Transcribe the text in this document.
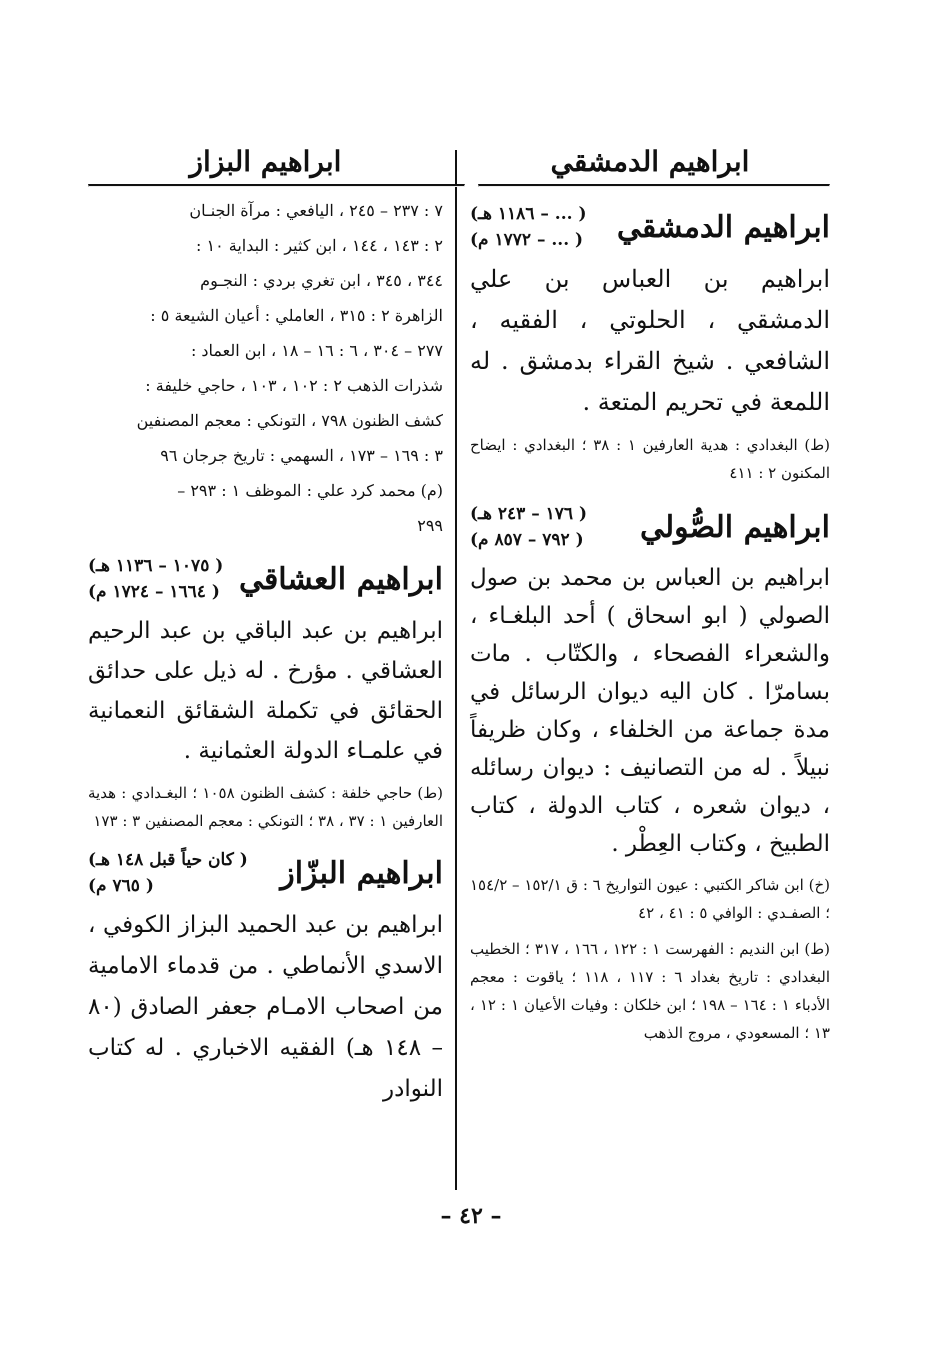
ابراهيم الدمشقي
ابراهيم الدمشقي
( ... – ١١٨٦ هـ)
( ... – ١٧٧٢ م)
ابراهيم بن العباس بن علي الدمشقي ، الحلوتي ، الفقيه ، الشافعي . شيخ القراء بدمشق . له اللمعة في تحريم المتعة .

(ط) البغدادي : هدية العارفين ١ : ٣٨ ؛ البغدادي : ايضاح المكنون ٢ : ٤١١

ابراهيم الصُّولي
( ١٧٦ – ٢٤٣ هـ)
( ٧٩٢ – ٨٥٧ م)
ابراهيم بن العباس بن محمد بن صول الصولي ( ابو اسحاق ) أحد البلغـاء ، والشعراء الفصحاء ، والكتّاب . مات بسامرّا . كان اليه ديوان الرسائل في مدة جماعة من الخلفاء ، وكان ظريفاً نبيلاً . له من التصانيف : ديوان رسائله ، ديوان شعره ، كتاب الدولة ، كتاب الطبيخ ، وكتاب العِطْر .

(خ) ابن شاكر الكتبي : عيون التواريخ ٦ : ق ١٥٢/١ – ١٥٤/٢ ؛ الصفـدي : الوافي ٥ : ٤١ ، ٤٢

(ط) ابن النديم : الفهرست ١ : ١٢٢ ، ١٦٦ ، ٣١٧ ؛ الخطيب البغدادي : تاريخ بغداد ٦ : ١١٧ ، ١١٨ ؛ ياقوت : معجم الأدباء ١ : ١٦٤ – ١٩٨ ؛ ابن خلكان : وفيات الأعيان ١ : ١٢ ، ١٣ ؛ المسعودي ، مروج الذهب

ابراهيم البزاز

٧ : ٢٣٧ – ٢٤٥ ، اليافعي : مرآة الجنـان

٢ : ١٤٣ ، ١٤٤ ، ابن كثير : البداية ١٠ :

٣٤٤ ، ٣٤٥ ، ابن تغري بردي : النجـوم

الزاهرة ٢ : ٣١٥ ، العاملي : أعيان الشيعة ٥ :

٢٧٧ – ٣٠٤ ، ٦ : ١٦ – ١٨ ، ابن العماد :

شذرات الذهب ٢ : ١٠٢ ، ١٠٣ ، حاجي خليفة :

كشف الظنون ٧٩٨ ، التونكي : معجم المصنفين

٣ : ١٦٩ – ١٧٣ ، السهمي : تاريخ جرجان ٩٦

(م) محمد كرد علي : الموظف ١ : ٢٩٣ –

٢٩٩

ابراهيم العشاقي
( ١٠٧٥ – ١١٣٦ هـ)
( ١٦٦٤ – ١٧٢٤ م)
ابراهيم بن عبد الباقي بن عبد الرحيم العشاقي . مؤرخ . له ذيل على حدائق الحقائق في تكملة الشقائق النعمانية في علمـاء الدولة العثمانية .

(ط) حاجي خلفة : كشف الظنون ١٠٥٨ ؛ البغـدادي : هدية العارفين ١ : ٣٧ ، ٣٨ ؛ التونكي : معجم المصنفين ٣ : ١٧٣

ابراهيم البزّاز
( كان حياً قبل ١٤٨ هـ)
( ٧٦٥ م)
ابراهيم بن عبد الحميد البزاز الكوفي ، الاسدي الأنماطي . من قدماء الامامية من اصحاب الامـام جعفر الصادق (٨٠ – ١٤٨ هـ) الفقيه الاخباري . له كتاب النوادر
– ٤٢ –
